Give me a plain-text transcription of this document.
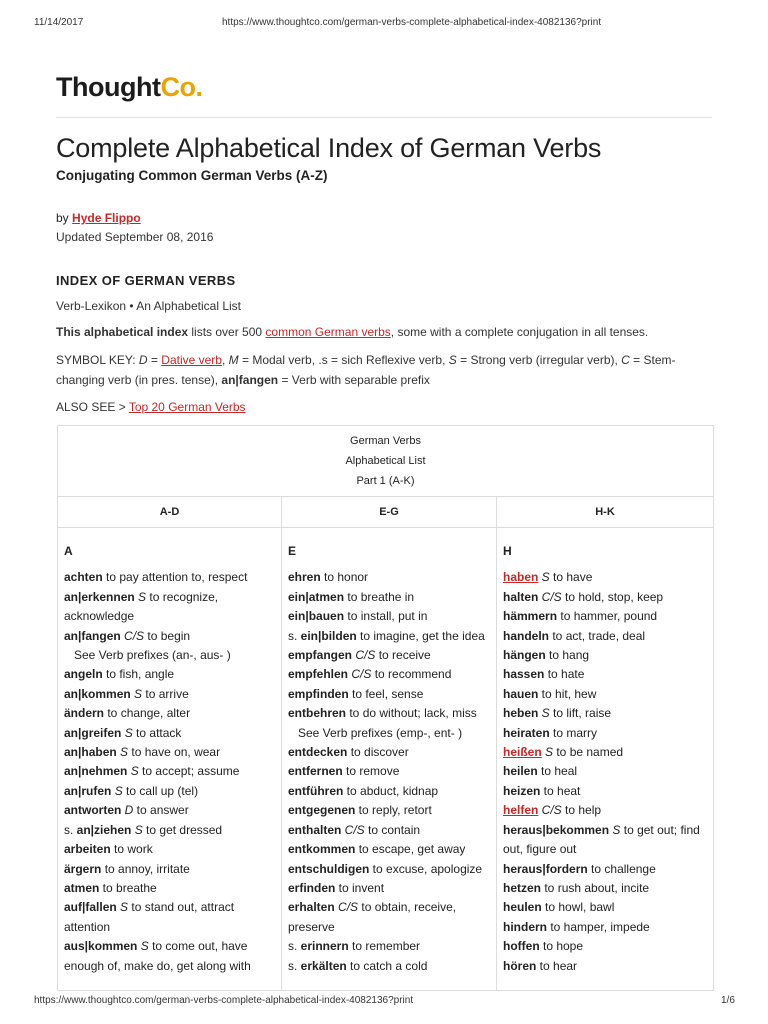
11/14/2017	https://www.thoughtco.com/german-verbs-complete-alphabetical-index-4082136?print
ThoughtCo.
Complete Alphabetical Index of German Verbs
Conjugating Common German Verbs (A-Z)
by Hyde Flippo
Updated September 08, 2016
INDEX OF GERMAN VERBS
Verb-Lexikon • An Alphabetical List
This alphabetical index lists over 500 common German verbs, some with a complete conjugation in all tenses.
SYMBOL KEY: D = Dative verb, M = Modal verb, .s = sich Reflexive verb, S = Strong verb (irregular verb), C = Stem-changing verb (in pres. tense), an|fangen = Verb with separable prefix
ALSO SEE > Top 20 German Verbs
German Verbs
Alphabetical List
Part 1 (A-K)
A-D
A
achten to pay attention to, respect
an|erkennen S to recognize, acknowledge
an|fangen C/S to begin
See Verb prefixes (an-, aus- )
angeln to fish, angle
an|kommen S to arrive
ändern to change, alter
an|greifen S to attack
an|haben S to have on, wear
an|nehmen S to accept; assume
an|rufen S to call up (tel)
antworten D to answer
s. an|ziehen S to get dressed
arbeiten to work
ärgern to annoy, irritate
atmen to breathe
auf|fallen S to stand out, attract attention
aus|kommen S to come out, have enough of, make do, get along with
E-G
E
ehren to honor
ein|atmen to breathe in
ein|bauen to install, put in
s. ein|bilden to imagine, get the idea
empfangen C/S to receive
empfehlen C/S to recommend
empfinden to feel, sense
entbehren to do without; lack, miss
See Verb prefixes (emp-, ent- )
entdecken to discover
entfernen to remove
entführen to abduct, kidnap
entgegenen to reply, retort
enthalten C/S to contain
entkommen to escape, get away
entschuldigen to excuse, apologize
erfinden to invent
erhalten C/S to obtain, receive, preserve
s. erinnern to remember
s. erkälten to catch a cold
H-K
H
haben S to have
halten C/S to hold, stop, keep
hämmern to hammer, pound
handeln to act, trade, deal
hängen to hang
hassen to hate
hauen to hit, hew
heben S to lift, raise
heiraten to marry
heißen S to be named
heilen to heal
heizen to heat
helfen C/S to help
heraus|bekommen S to get out; find out, figure out
heraus|fordern to challenge
hetzen to rush about, incite
heulen to howl, bawl
hindern to hamper, impede
hoffen to hope
hören to hear
https://www.thoughtco.com/german-verbs-complete-alphabetical-index-4082136?print	1/6
